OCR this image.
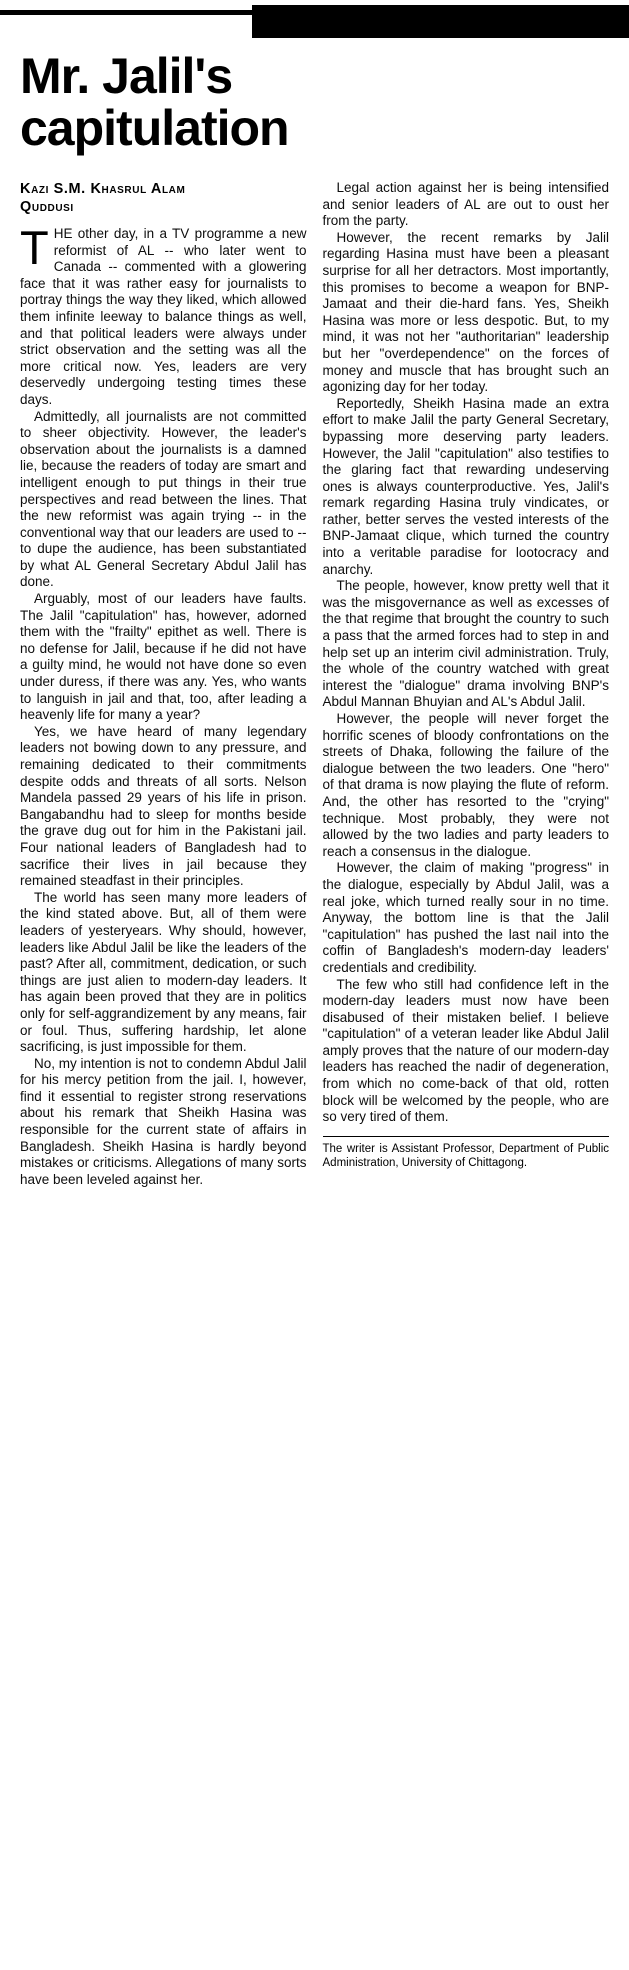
Mr. Jalil's
capitulation
Kazi S.M. Khasrul Alam
Quddusi

THE other day, in a TV programme a new reformist of AL -- who later went to Canada -- commented with a glowering face that it was rather easy for journalists to portray things the way they liked, which allowed them infinite leeway to balance things as well, and that political leaders were always under strict observation and the setting was all the more critical now. Yes, leaders are very deservedly undergoing testing times these days.

Admittedly, all journalists are not committed to sheer objectivity. However, the leader's observation about the journalists is a damned lie, because the readers of today are smart and intelligent enough to put things in their true perspectives and read between the lines. That the new reformist was again trying -- in the conventional way that our leaders are used to -- to dupe the audience, has been substantiated by what AL General Secretary Abdul Jalil has done.

Arguably, most of our leaders have faults. The Jalil "capitulation" has, however, adorned them with the "frailty" epithet as well. There is no defense for Jalil, because if he did not have a guilty mind, he would not have done so even under duress, if there was any. Yes, who wants to languish in jail and that, too, after leading a heavenly life for many a year?

Yes, we have heard of many legendary leaders not bowing down to any pressure, and remaining dedicated to their commitments despite odds and threats of all sorts. Nelson Mandela passed 29 years of his life in prison. Bangabandhu had to sleep for months beside the grave dug out for him in the Pakistani jail. Four national leaders of Bangladesh had to sacrifice their lives in jail because they remained steadfast in their principles.

The world has seen many more leaders of the kind stated above. But, all of them were leaders of yesteryears. Why should, however, leaders like Abdul Jalil be like the leaders of the past? After all, commitment, dedication, or such things are just alien to modern-day leaders. It has again been proved that they are in politics only for self-aggrandizement by any means, fair or foul. Thus, suffering hardship, let alone sacrificing, is just impossible for them.

No, my intention is not to condemn Abdul Jalil for his mercy petition from the jail. I, however, find it essential to register strong reservations about his remark that Sheikh Hasina was responsible for the current state of affairs in Bangladesh. Sheikh Hasina is hardly beyond mistakes or criticisms. Allegations of many sorts have been leveled against her.

Legal action against her is being intensified and senior leaders of AL are out to oust her from the party.

However, the recent remarks by Jalil regarding Hasina must have been a pleasant surprise for all her detractors. Most importantly, this promises to become a weapon for BNP-Jamaat and their die-hard fans. Yes, Sheikh Hasina was more or less despotic. But, to my mind, it was not her "authoritarian" leadership but her "overdependence" on the forces of money and muscle that has brought such an agonizing day for her today.

Reportedly, Sheikh Hasina made an extra effort to make Jalil the party General Secretary, bypassing more deserving party leaders. However, the Jalil "capitulation" also testifies to the glaring fact that rewarding undeserving ones is always counterproductive. Yes, Jalil's remark regarding Hasina truly vindicates, or rather, better serves the vested interests of the BNP-Jamaat clique, which turned the country into a veritable paradise for lootocracy and anarchy.

The people, however, know pretty well that it was the misgovernance as well as excesses of the that regime that brought the country to such a pass that the armed forces had to step in and help set up an interim civil administration. Truly, the whole of the country watched with great interest the "dialogue" drama involving BNP's Abdul Mannan Bhuyian and AL's Abdul Jalil.

However, the people will never forget the horrific scenes of bloody confrontations on the streets of Dhaka, following the failure of the dialogue between the two leaders. One "hero" of that drama is now playing the flute of reform. And, the other has resorted to the "crying" technique. Most probably, they were not allowed by the two ladies and party leaders to reach a consensus in the dialogue.

However, the claim of making "progress" in the dialogue, especially by Abdul Jalil, was a real joke, which turned really sour in no time. Anyway, the bottom line is that the Jalil "capitulation" has pushed the last nail into the coffin of Bangladesh's modern-day leaders' credentials and credibility.

The few who still had confidence left in the modern-day leaders must now have been disabused of their mistaken belief. I believe "capitulation" of a veteran leader like Abdul Jalil amply proves that the nature of our modern-day leaders has reached the nadir of degeneration, from which no come-back of that old, rotten block will be welcomed by the people, who are so very tired of them.

The writer is Assistant Professor, Department of Public Administration, University of Chittagong.
